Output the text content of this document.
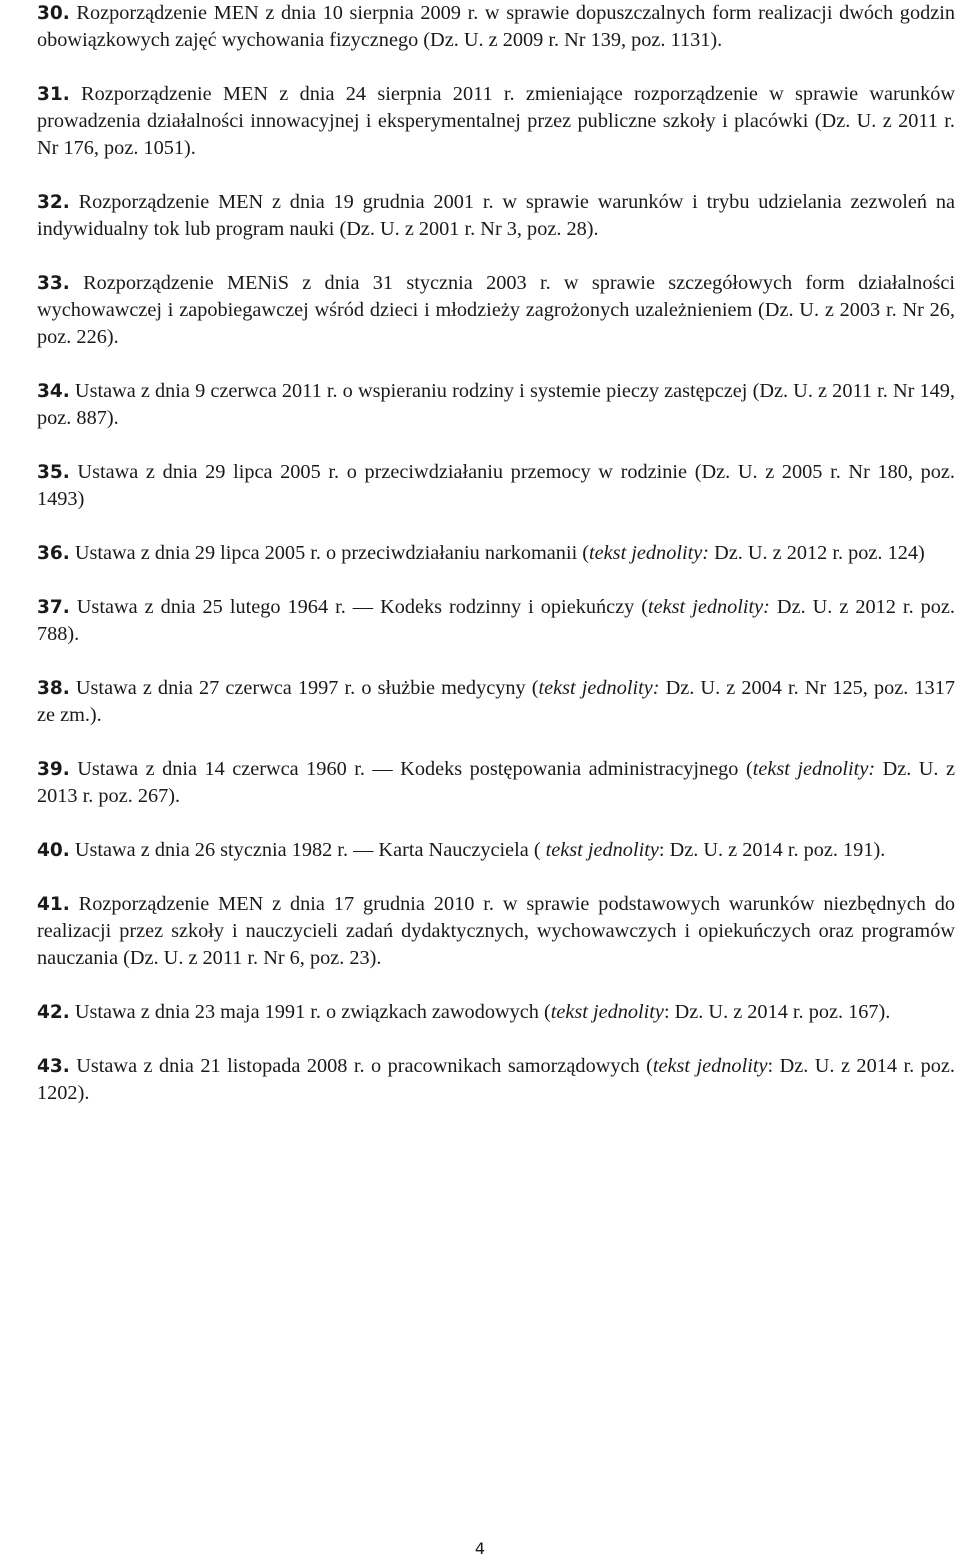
30. Rozporządzenie MEN z dnia 10 sierpnia 2009 r. w sprawie dopuszczalnych form realizacji dwóch godzin obowiązkowych zajęć wychowania fizycznego (Dz. U. z 2009 r. Nr 139, poz. 1131).

31. Rozporządzenie MEN z dnia 24 sierpnia 2011 r. zmieniające rozporządzenie w sprawie warunków prowadzenia działalności innowacyjnej i eksperymentalnej przez publiczne szkoły i placówki (Dz. U. z 2011 r. Nr 176, poz. 1051).

32. Rozporządzenie MEN z dnia 19 grudnia 2001 r. w sprawie warunków i trybu udzielania zezwoleń na indywidualny tok lub program nauki (Dz. U. z 2001 r. Nr 3, poz. 28).

33. Rozporządzenie MENiS z dnia 31 stycznia 2003 r. w sprawie szczegółowych form działalności wychowawczej i zapobiegawczej wśród dzieci i młodzieży zagrożonych uzależnieniem (Dz. U. z 2003 r. Nr 26, poz. 226).

34. Ustawa z dnia 9 czerwca 2011 r. o wspieraniu rodziny i systemie pieczy zastępczej (Dz. U. z 2011 r. Nr 149, poz. 887).

35. Ustawa z dnia 29 lipca 2005 r. o przeciwdziałaniu przemocy w rodzinie (Dz. U. z 2005 r. Nr 180, poz. 1493)

36. Ustawa z dnia 29 lipca 2005 r. o przeciwdziałaniu narkomanii (tekst jednolity: Dz. U. z 2012 r. poz. 124)

37. Ustawa z dnia 25 lutego 1964 r. — Kodeks rodzinny i opiekuńczy (tekst jednolity: Dz. U. z 2012 r. poz. 788).

38. Ustawa z dnia 27 czerwca 1997 r. o służbie medycyny (tekst jednolity: Dz. U. z 2004 r. Nr 125, poz. 1317 ze zm.).

39. Ustawa z dnia 14 czerwca 1960 r. — Kodeks postępowania administracyjnego (tekst jednolity: Dz. U. z 2013 r. poz. 267).

40. Ustawa z dnia 26 stycznia 1982 r. — Karta Nauczyciela ( tekst jednolity: Dz. U. z 2014 r. poz. 191).

41. Rozporządzenie MEN z dnia 17 grudnia 2010 r. w sprawie podstawowych warunków niezbędnych do realizacji przez szkoły i nauczycieli zadań dydaktycznych, wychowawczych i opiekuńczych oraz programów nauczania (Dz. U. z 2011 r. Nr 6, poz. 23).

42. Ustawa z dnia 23 maja 1991 r. o związkach zawodowych (tekst jednolity: Dz. U. z 2014 r. poz. 167).

43. Ustawa z dnia 21 listopada 2008 r. o pracownikach samorządowych (tekst jednolity: Dz. U. z 2014 r. poz. 1202).

4
